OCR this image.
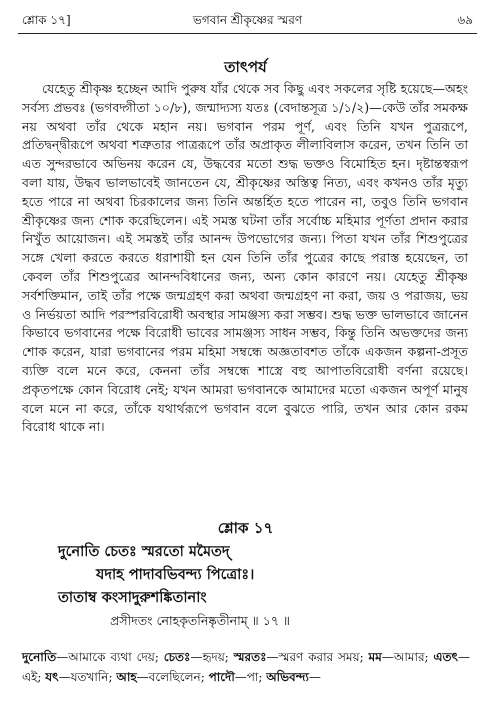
শ্লোক ১৭]	ভগবান শ্রীকৃষ্ণের স্মরণ	৬৯
তাৎপর্য

যেহেতু শ্রীকৃষ্ণ হচ্ছেন আদি পুরুষ যাঁর থেকে সব কিছু এবং সকলের সৃষ্টি হয়েছে—অহং সর্বস্য প্রভবঃ (ভগবদ্গীতা ১০/৮), জন্মাদ্যস্য যতঃ (বেদান্তসূত্র ১/১/২)—কেউ তাঁর সমকক্ষ নয় অথবা তাঁর থেকে মহান নয়। ভগবান পরম পূর্ণ, এবং তিনি যখন পুত্ররূপে, প্রতিদ্বন্দ্বীরূপে অথবা শত্রুতার পাত্ররূপে তাঁর অপ্রাকৃত লীলাবিলাস করেন, তখন তিনি তা এত সুন্দরভাবে অভিনয় করেন যে, উদ্ধবের মতো শুদ্ধ ভক্তও বিমোহিত হন। দৃষ্টান্তস্বরূপ বলা যায়, উদ্ধব ভালভাবেই জানতেন যে, শ্রীকৃষ্ণের অস্তিত্ব নিত্য, এবং কখনও তাঁর মৃত্যু হতে পারে না অথবা চিরকালের জন্য তিনি অন্তর্হিত হতে পারেন না, তবুও তিনি ভগবান শ্রীকৃষ্ণের জন্য শোক করেছিলেন। এই সমস্ত ঘটনা তাঁর সর্বোচ্চ মহিমার পূর্ণতা প্রদান করার নিখুঁত আয়োজন। এই সমস্তই তাঁর আনন্দ উপভোগের জন্য। পিতা যখন তাঁর শিশুপুত্রের সঙ্গে খেলা করতে করতে ধরাশায়ী হন যেন তিনি তাঁর পুত্রের কাছে পরাস্ত হয়েছেন, তা কেবল তাঁর শিশুপুত্রের আনন্দবিধানের জন্য, অন্য কোন কারণে নয়। যেহেতু শ্রীকৃষ্ণ সর্বশক্তিমান, তাই তাঁর পক্ষে জন্মগ্রহণ করা অথবা জন্মগ্রহণ না করা, জয় ও পরাজয়, ভয় ও নির্ভয়তা আদি পরস্পরবিরোধী অবস্থার সামঞ্জস্য করা সম্ভব। শুদ্ধ ভক্ত ভালভাবে জানেন কিভাবে ভগবানের পক্ষে বিরোধী ভাবের সামঞ্জস্য সাধন সম্ভব, কিন্তু তিনি অভক্তদের জন্য শোক করেন, যারা ভগবানের পরম মহিমা সম্বন্ধে অজ্ঞতাবশত তাঁকে একজন কল্পনা-প্রসূত ব্যক্তি বলে মনে করে, কেননা তাঁর সম্বন্ধে শাস্ত্রে বহু আপাতবিরোধী বর্ণনা রয়েছে। প্রকৃতপক্ষে কোন বিরোধ নেই; যখন আমরা ভগবানকে আমাদের মতো একজন অপূর্ণ মানুষ বলে মনে না করে, তাঁকে যথার্থরূপে ভগবান বলে বুঝতে পারি, তখন আর কোন রকম বিরোধ থাকে না।

শ্লোক ১৭
দুনোতি চেতঃ স্মরতো মমৈতদ্
যদাহ পাদাবভিবন্দ্য পিত্রোঃ।
তাতাম্ব কংসাদুরুশঙ্কিতানাং
প্রসীদতং নোহকৃতনিষ্কৃতীনাম্ ॥ ১৭ ॥
দুনোতি—আমাকে ব্যথা দেয়; চেতঃ—হৃদয়; স্মরতঃ—স্মরণ করার সময়; মম—আমার; এতৎ—এই; যৎ—যতখানি; আহ—বলেছিলেন; পাদৌ—পা; অভিবন্দ্য—
